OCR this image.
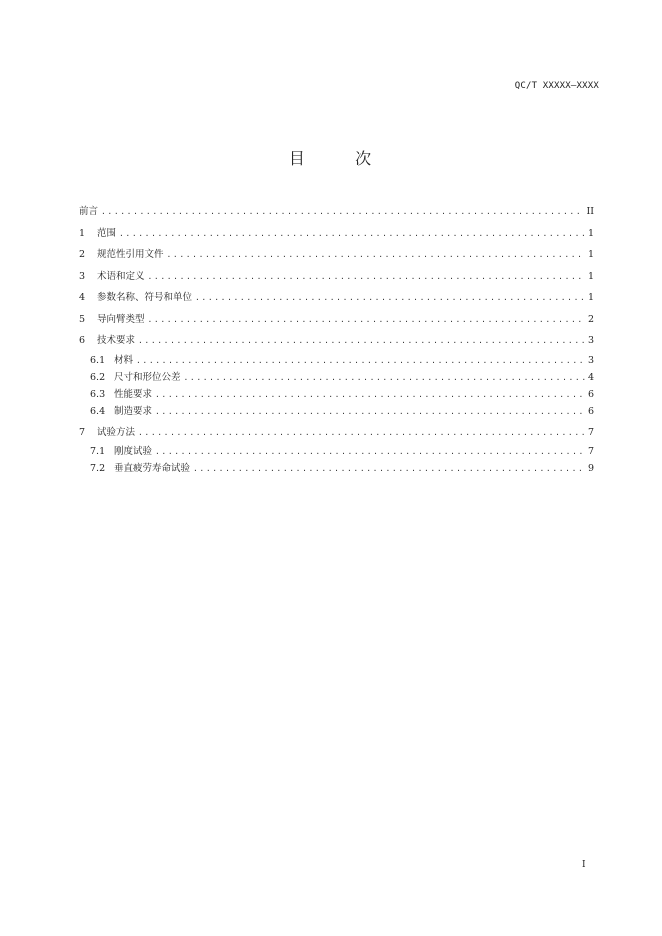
QC/T XXXXX—XXXX
目	次
前言 .....	II
1 范围 .....	1
2 规范性引用文件 .....	1
3 术语和定义 .....	1
4 参数名称、符号和单位 .....	1
5 导向臂类型 .....	2
6 技术要求 .....	3
6.1 材料 .....	3
6.2 尺寸和形位公差 .....	4
6.3 性能要求 .....	6
6.4 制造要求 .....	6
7 试验方法 .....	7
7.1 刚度试验 .....	7
7.2 垂直疲劳寿命试验 .....	9
I
